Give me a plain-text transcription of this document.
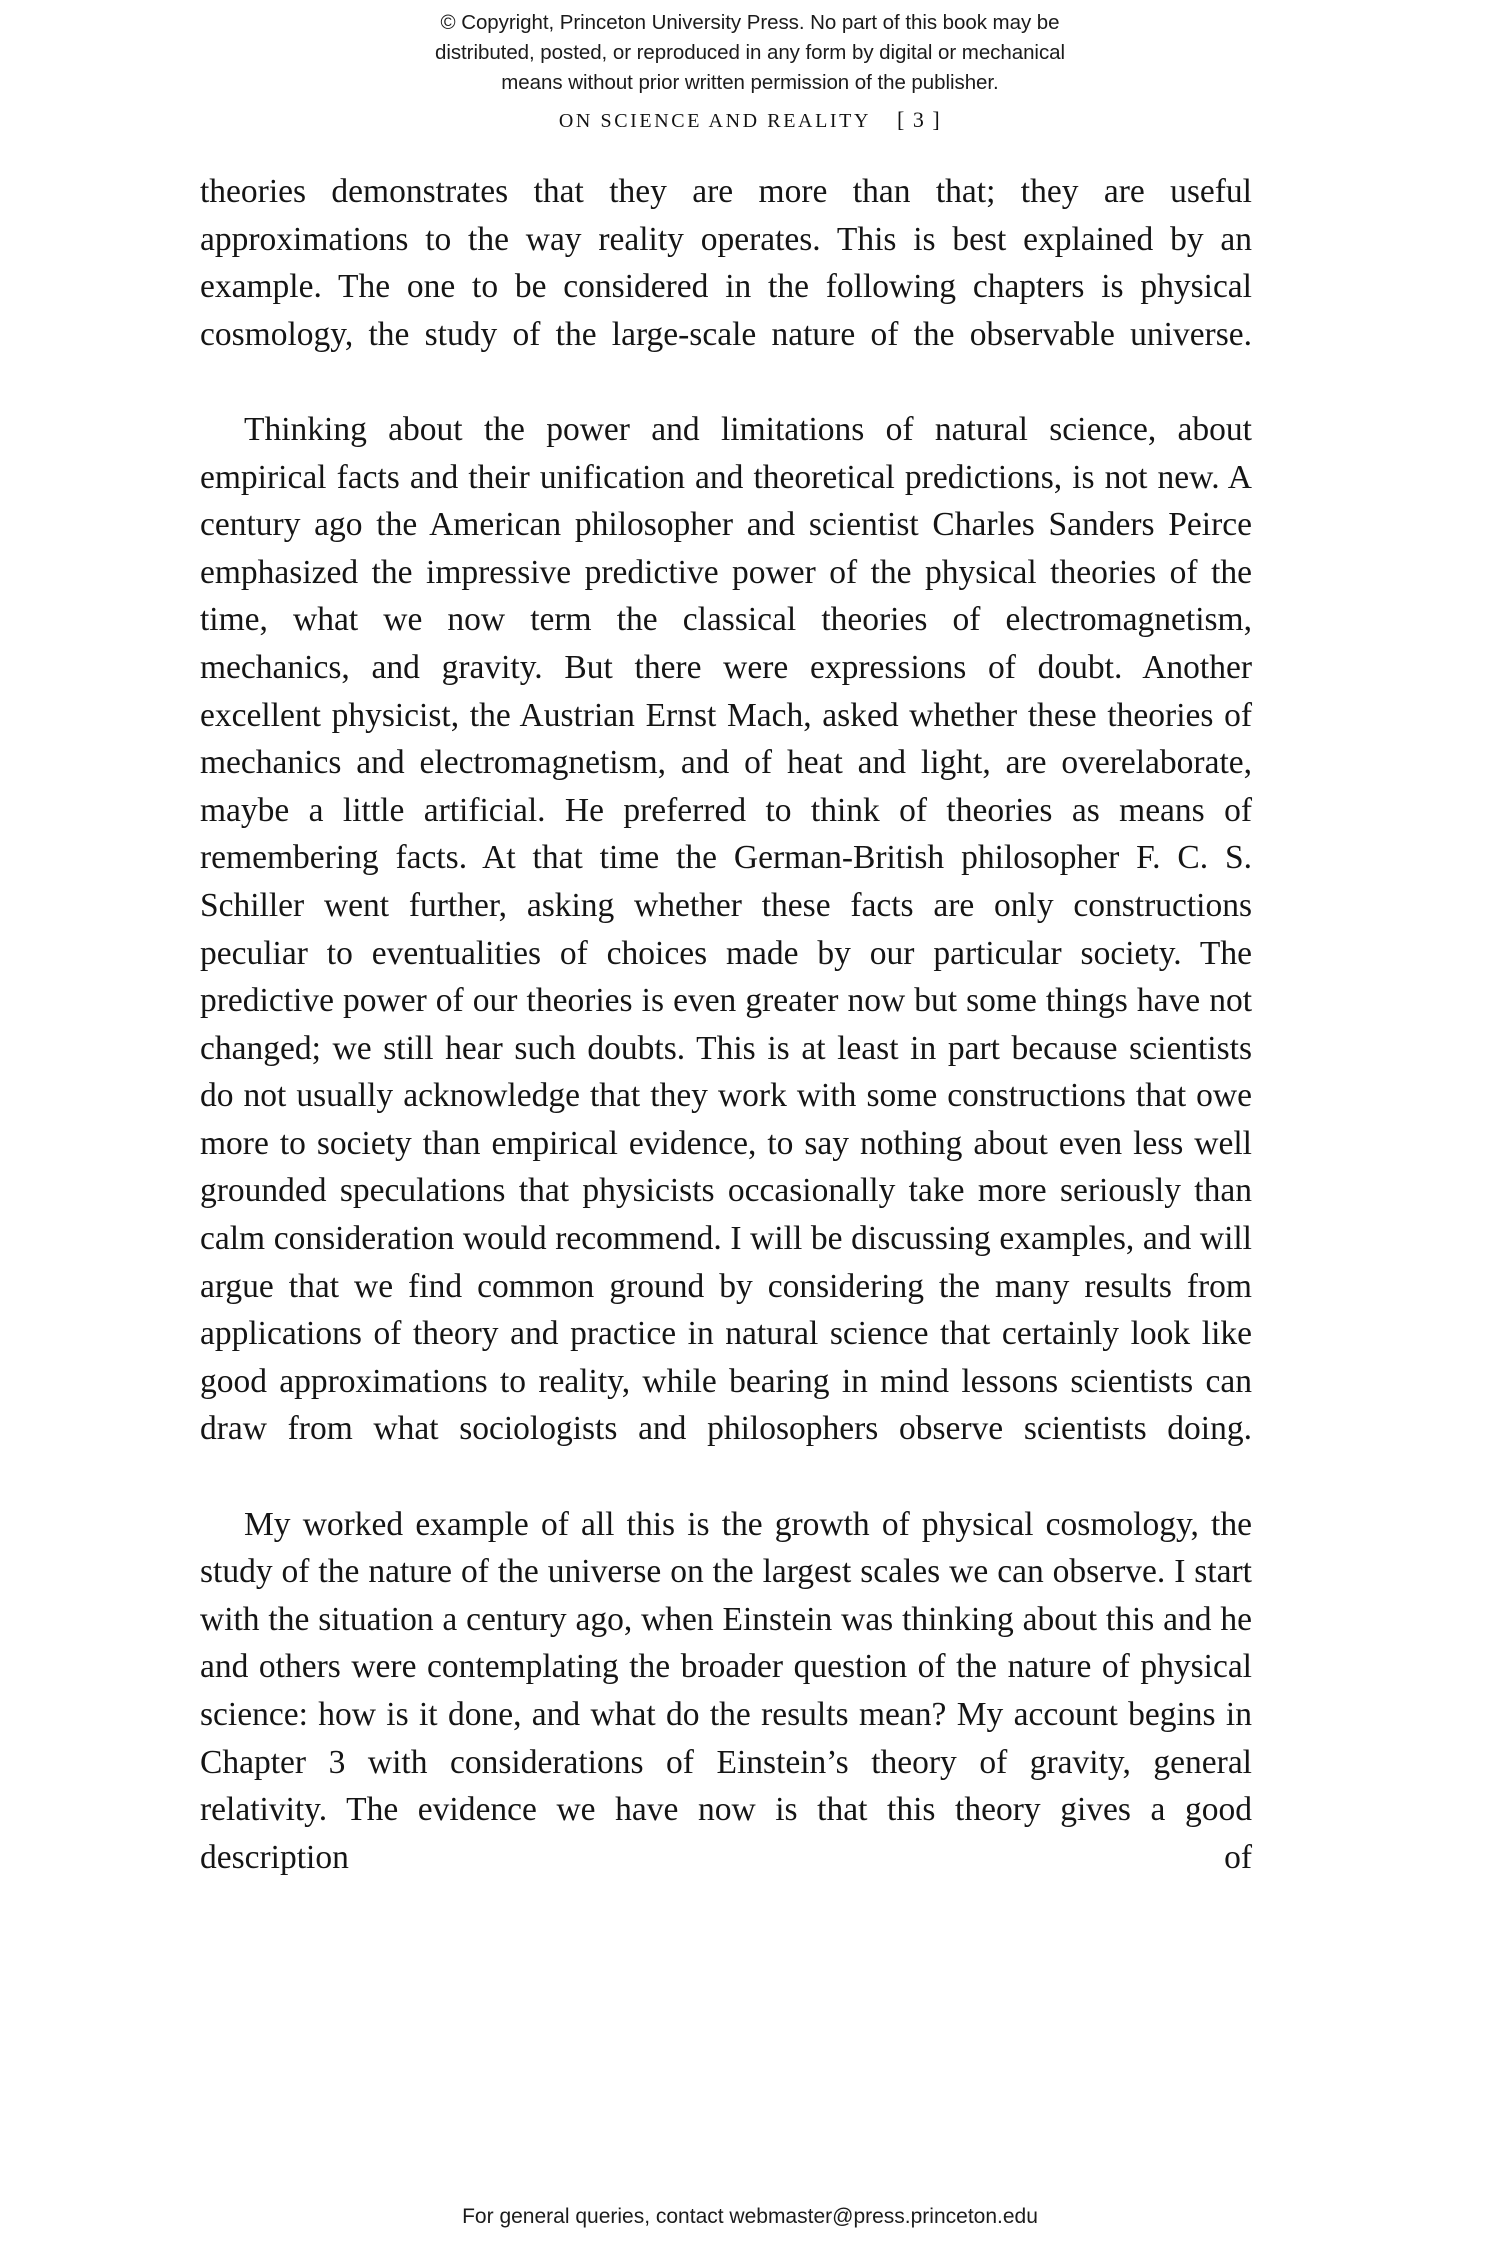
© Copyright, Princeton University Press. No part of this book may be
distributed, posted, or reproduced in any form by digital or mechanical
means without prior written permission of the publisher.
ON SCIENCE AND REALITY [ 3 ]

theories demonstrates that they are more than that; they are useful approximations to the way reality operates. This is best explained by an example. The one to be considered in the following chapters is physical cosmology, the study of the large-scale nature of the observable universe.

Thinking about the power and limitations of natural science, about empirical facts and their unification and theoretical predictions, is not new. A century ago the American philosopher and scientist Charles Sanders Peirce emphasized the impressive predictive power of the physical theories of the time, what we now term the classical theories of electromagnetism, mechanics, and gravity. But there were expressions of doubt. Another excellent physicist, the Austrian Ernst Mach, asked whether these theories of mechanics and electromagnetism, and of heat and light, are overelaborate, maybe a little artificial. He preferred to think of theories as means of remembering facts. At that time the German-British philosopher F. C. S. Schiller went further, asking whether these facts are only constructions peculiar to eventualities of choices made by our particular society. The predictive power of our theories is even greater now but some things have not changed; we still hear such doubts. This is at least in part because scientists do not usually acknowledge that they work with some constructions that owe more to society than empirical evidence, to say nothing about even less well grounded speculations that physicists occasionally take more seriously than calm consideration would recommend. I will be discussing examples, and will argue that we find common ground by considering the many results from applications of theory and practice in natural science that certainly look like good approximations to reality, while bearing in mind lessons scientists can draw from what sociologists and philosophers observe scientists doing.

My worked example of all this is the growth of physical cosmology, the study of the nature of the universe on the largest scales we can observe. I start with the situation a century ago, when Einstein was thinking about this and he and others were contemplating the broader question of the nature of physical science: how is it done, and what do the results mean? My account begins in Chapter 3 with considerations of Einstein’s theory of gravity, general relativity. The evidence we have now is that this theory gives a good description of

For general queries, contact webmaster@press.princeton.edu
